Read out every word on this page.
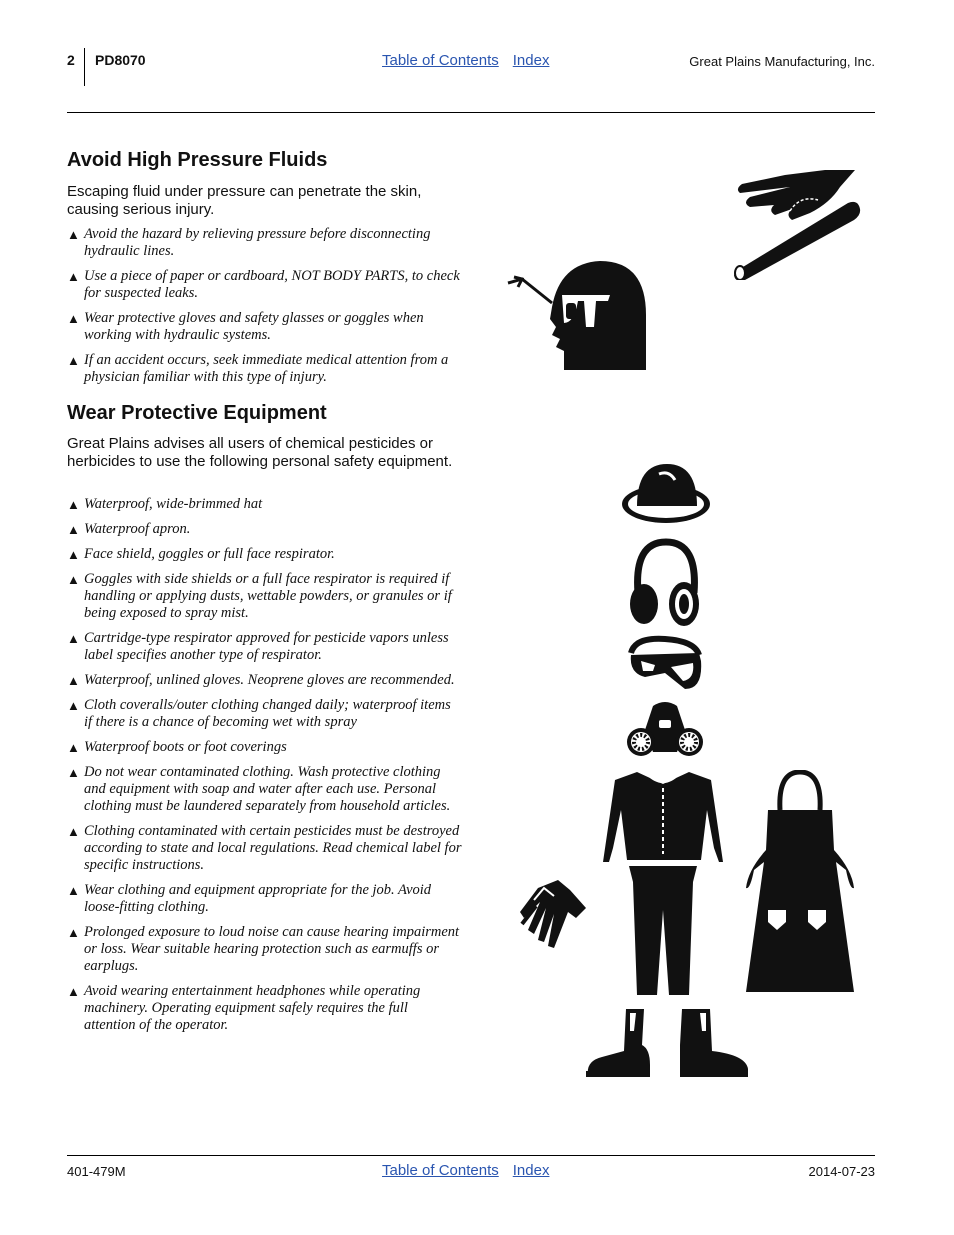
2 PD8070	Table of Contents Index	Great Plains Manufacturing, Inc.
Avoid High Pressure Fluids

Escaping fluid under pressure can penetrate the skin, causing serious injury.

▲ Avoid the hazard by relieving pressure before disconnecting hydraulic lines.
▲ Use a piece of paper or cardboard, NOT BODY PARTS, to check for suspected leaks.
▲ Wear protective gloves and safety glasses or goggles when working with hydraulic systems.
▲ If an accident occurs, seek immediate medical attention from a physician familiar with this type of injury.
Wear Protective Equipment

Great Plains advises all users of chemical pesticides or herbicides to use the following personal safety equipment.

▲ Waterproof, wide-brimmed hat
▲ Waterproof apron.
▲ Face shield, goggles or full face respirator.
▲ Goggles with side shields or a full face respirator is required if handling or applying dusts, wettable powders, or granules or if being exposed to spray mist.
▲ Cartridge-type respirator approved for pesticide vapors unless label specifies another type of respirator.
▲ Waterproof, unlined gloves. Neoprene gloves are recommended.
▲ Cloth coveralls/outer clothing changed daily; waterproof items if there is a chance of becoming wet with spray
▲ Waterproof boots or foot coverings
▲ Do not wear contaminated clothing. Wash protective clothing and equipment with soap and water after each use. Personal clothing must be laundered separately from household articles.
▲ Clothing contaminated with certain pesticides must be destroyed according to state and local regulations. Read chemical label for specific instructions.
▲ Wear clothing and equipment appropriate for the job. Avoid loose-fitting clothing.
▲ Prolonged exposure to loud noise can cause hearing impairment or loss. Wear suitable hearing protection such as earmuffs or earplugs.
▲ Avoid wearing entertainment headphones while operating machinery. Operating equipment safely requires the full attention of the operator.
401-479M	Table of Contents Index	2014-07-23
